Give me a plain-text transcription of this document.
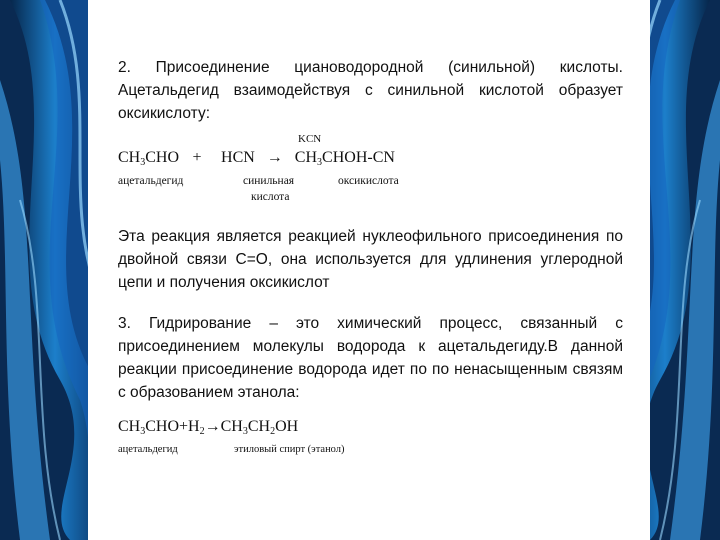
2. Присоединение циановодородной (синильной) кислоты. Ацетальдегид взаимодействуя с синильной кислотой образует оксикислоту:

KCN
$CH_3CHO$ + HCN → $CH_3CHOH-CN$
ацетальдегид	синильная
кислота
оксикислота

Эта реакция является реакцией нуклеофильного присоединения по двойной связи С=О, она используется для удлинения углеродной цепи и получения оксикислот

3. Гидрирование – это химический процесс, связанный с присоединением молекулы водорода к ацетальдегиду.В данной реакции присоединение водорода идет по по ненасыщенным связям с образованием этанола:

$CH_3CHO+H_2\to CH_3CH_2OH$
ацетальдегид	этиловый спирт (этанол)
